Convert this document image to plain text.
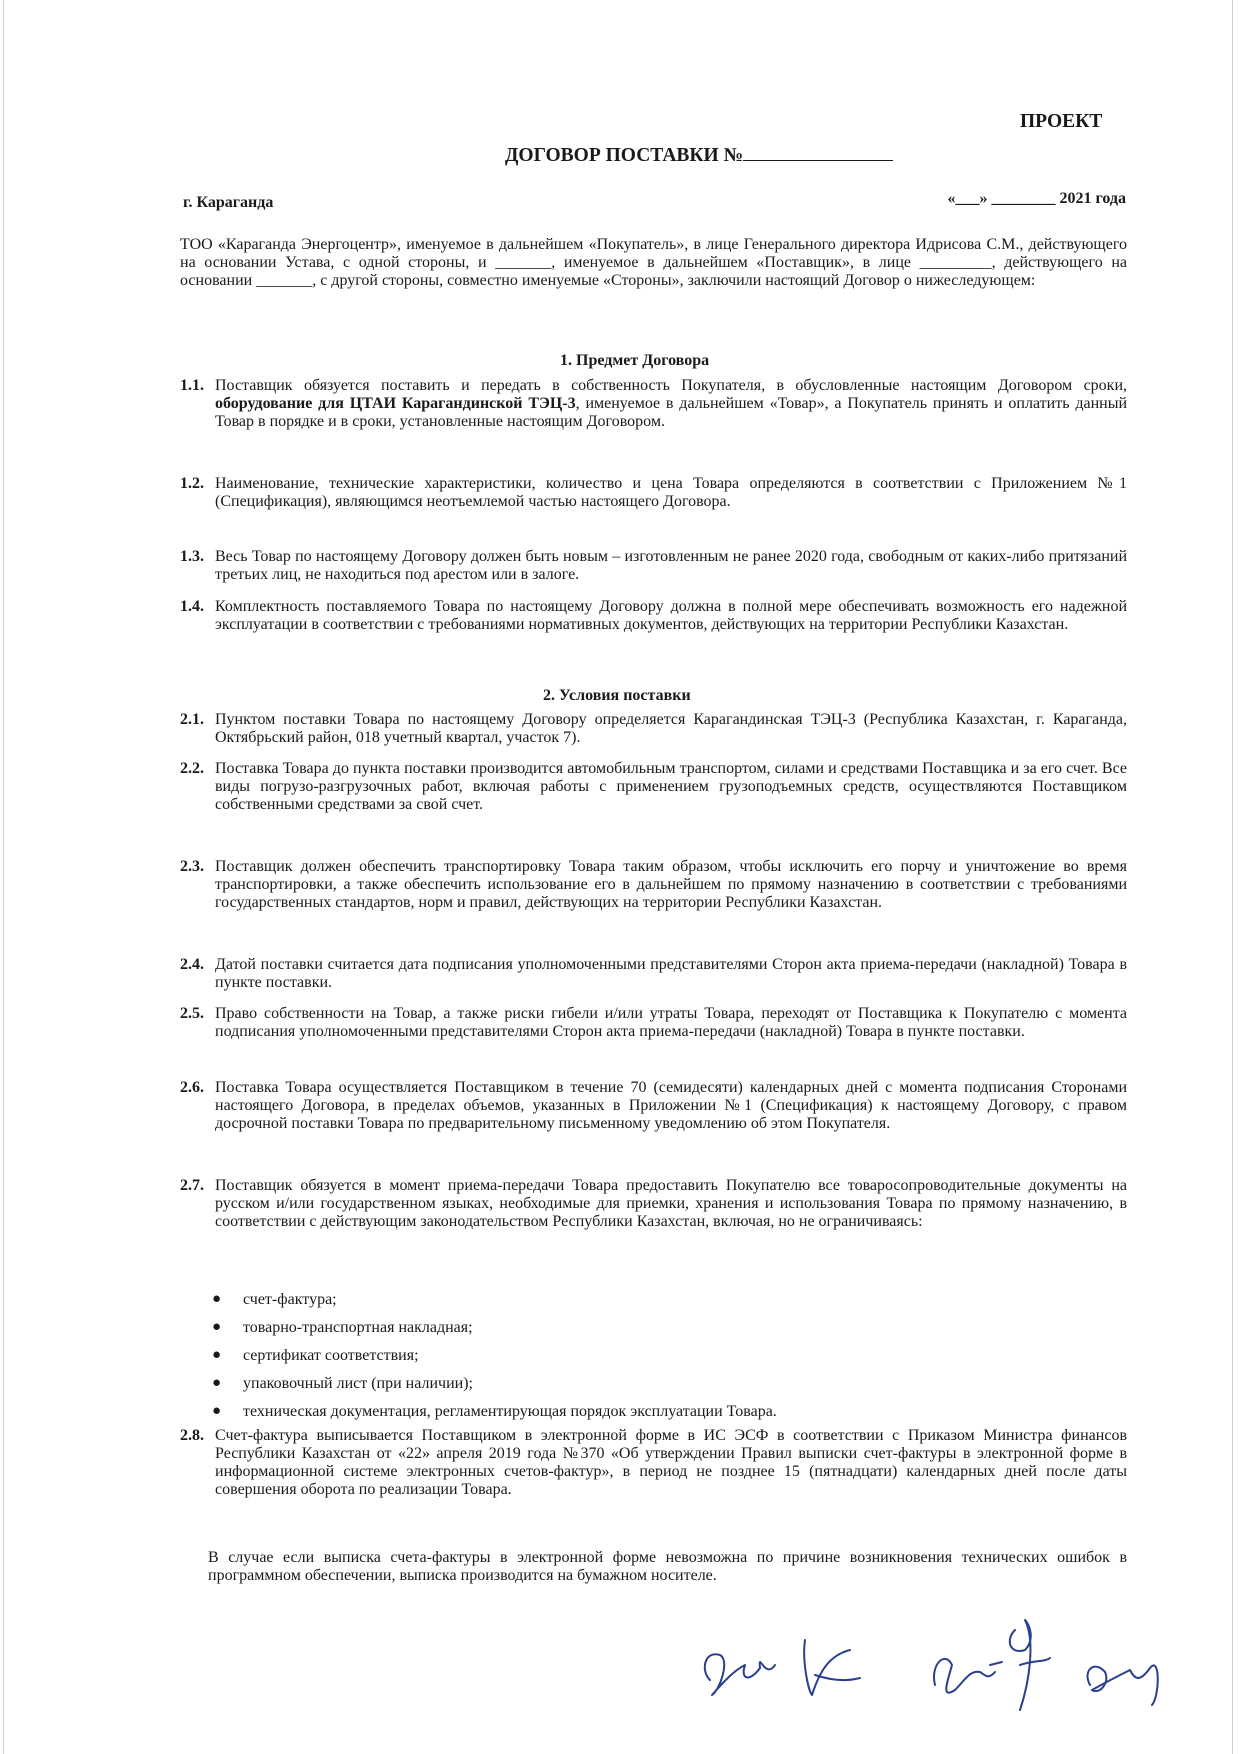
ПРОЕКТ
ДОГОВОР ПОСТАВКИ №
г. Караганда	«___» ________ 2021 года
ТОО «Караганда Энергоцентр», именуемое в дальнейшем «Покупатель», в лице Генерального директора Идрисова С.М., действующего на основании Устава, с одной стороны, и _______, именуемое в дальнейшем «Поставщик», в лице _________, действующего на основании _______, с другой стороны, совместно именуемые «Стороны», заключили настоящий Договор о нижеследующем:
1. Предмет Договора
1.1. Поставщик обязуется поставить и передать в собственность Покупателя, в обусловленные настоящим Договором сроки, оборудование для ЦТАИ Карагандинской ТЭЦ-3, именуемое в дальнейшем «Товар», а Покупатель принять и оплатить данный Товар в порядке и в сроки, установленные настоящим Договором.
1.2. Наименование, технические характеристики, количество и цена Товара определяются в соответствии с Приложением №1 (Спецификация), являющимся неотъемлемой частью настоящего Договора.
1.3. Весь Товар по настоящему Договору должен быть новым – изготовленным не ранее 2020 года, свободным от каких-либо притязаний третьих лиц, не находиться под арестом или в залоге.
1.4. Комплектность поставляемого Товара по настоящему Договору должна в полной мере обеспечивать возможность его надежной эксплуатации в соответствии с требованиями нормативных документов, действующих на территории Республики Казахстан.
2. Условия поставки
2.1. Пунктом поставки Товара по настоящему Договору определяется Карагандинская ТЭЦ-3 (Республика Казахстан, г. Караганда, Октябрьский район, 018 учетный квартал, участок 7).
2.2. Поставка Товара до пункта поставки производится автомобильным транспортом, силами и средствами Поставщика и за его счет. Все виды погрузо-разгрузочных работ, включая работы с применением грузоподъемных средств, осуществляются Поставщиком собственными средствами за свой счет.
2.3. Поставщик должен обеспечить транспортировку Товара таким образом, чтобы исключить его порчу и уничтожение во время транспортировки, а также обеспечить использование его в дальнейшем по прямому назначению в соответствии с требованиями государственных стандартов, норм и правил, действующих на территории Республики Казахстан.
2.4. Датой поставки считается дата подписания уполномоченными представителями Сторон акта приема-передачи (накладной) Товара в пункте поставки.
2.5. Право собственности на Товар, а также риски гибели и/или утраты Товара, переходят от Поставщика к Покупателю с момента подписания уполномоченными представителями Сторон акта приема-передачи (накладной) Товара в пункте поставки.
2.6. Поставка Товара осуществляется Поставщиком в течение 70 (семидесяти) календарных дней с момента подписания Сторонами настоящего Договора, в пределах объемов, указанных в Приложении №1 (Спецификация) к настоящему Договору, с правом досрочной поставки Товара по предварительному письменному уведомлению об этом Покупателя.
2.7. Поставщик обязуется в момент приема-передачи Товара предоставить Покупателю все товаросопроводительные документы на русском и/или государственном языках, необходимые для приемки, хранения и использования Товара по прямому назначению, в соответствии с действующим законодательством Республики Казахстан, включая, но не ограничиваясь:
● счет-фактура;
● товарно-транспортная накладная;
● сертификат соответствия;
● упаковочный лист (при наличии);
● техническая документация, регламентирующая порядок эксплуатации Товара.
2.8. Счет-фактура выписывается Поставщиком в электронной форме в ИС ЭСФ в соответствии с Приказом Министра финансов Республики Казахстан от «22» апреля 2019 года №370 «Об утверждении Правил выписки счет-фактуры в электронной форме в информационной системе электронных счетов-фактур», в период не позднее 15 (пятнадцати) календарных дней после даты совершения оборота по реализации Товара.
В случае если выписка счета-фактуры в электронной форме невозможна по причине возникновения технических ошибок в программном обеспечении, выписка производится на бумажном носителе.
